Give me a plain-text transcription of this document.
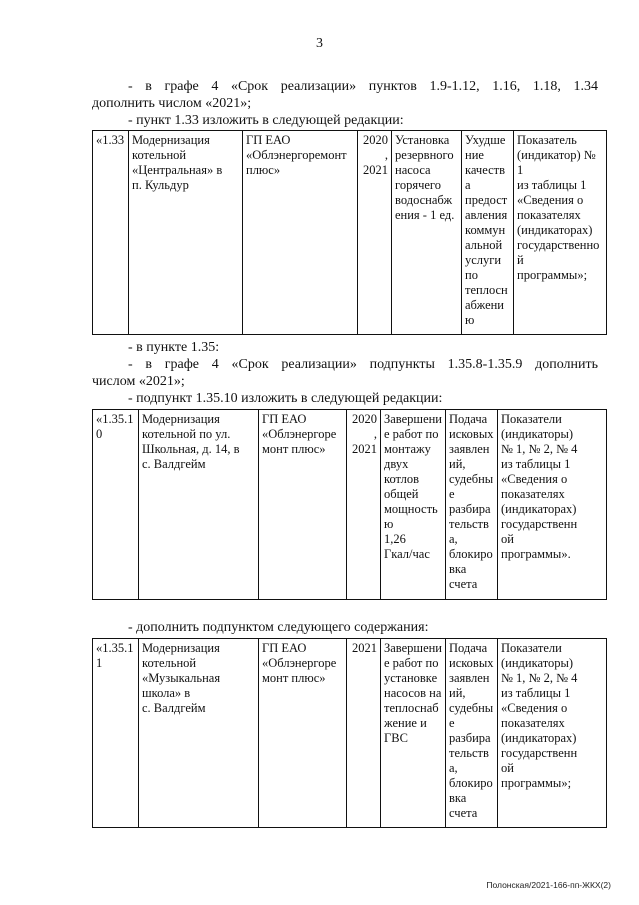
3
- в графе 4 «Срок реализации» пунктов 1.9-1.12, 1.16, 1.18, 1.34
дополнить числом «2021»;
- пункт 1.33 изложить в следующей редакции:
«1.33	Модернизация
котельной
«Центральная» в
п. Кульдур

ГП ЕАО
«Облэнергоремонт
плюс»

2020,
2021

Установка
резервного
насоса
горячего
водоснабж
ения - 1 ед.

Ухудше
ние
качеств
а
предост
авления
коммун
альной
услуги
по
теплосн
абжени
ю

Показатель
(индикатор) № 1
из таблицы 1
«Сведения о
показателях
(индикаторах)
государственной
программы»;
- в пункте 1.35:
- в графе 4 «Срок реализации» подпункты 1.35.8-1.35.9 дополнить
числом «2021»;
- подпункт 1.35.10 изложить в следующей редакции:
«1.35.10

Модернизация
котельной по ул.
Школьная, д. 14, в
с. Валдгейм

ГП ЕАО
«Облэнергоре
монт плюс»

2020,
2021

Завершени
е работ по
монтажу
двух
котлов
общей
мощность
ю
1,26
Гкал/час

Подача
исковых
заявлен
ий,
судебны
е
разбира
тельств
а,
блокиро
вка
счета

Показатели
(индикаторы)
№ 1, № 2, № 4
из таблицы 1
«Сведения о
показателях
(индикаторах)
государственн
ой
программы».
- дополнить подпунктом следующего содержания:
«1.35.11

Модернизация
котельной
«Музыкальная
школа» в
с. Валдгейм

ГП ЕАО
«Облэнергоре
монт плюс»

2021	Завершени
е работ по
установке
насосов на
теплоснаб
жение и
ГВС

Подача
исковых
заявлен
ий,
судебны
е
разбира
тельств
а,
блокиро
вка
счета

Показатели
(индикаторы)
№ 1, № 2, № 4
из таблицы 1
«Сведения о
показателях
(индикаторах)
государственн
ой
программы»;
Полонская/2021-166-пп-ЖКХ(2)
